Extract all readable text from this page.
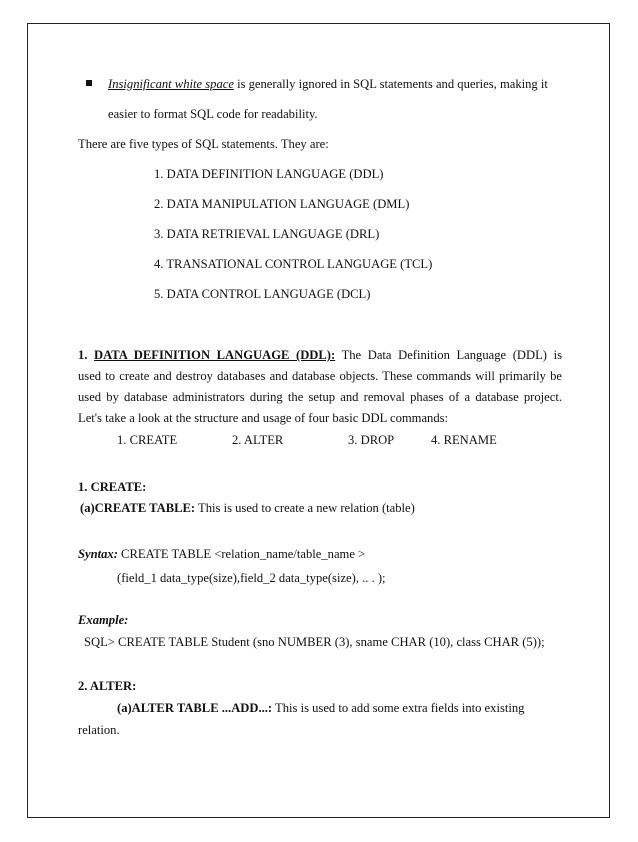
Insignificant white space is generally ignored in SQL statements and queries, making it
easier to format SQL code for readability.
There are five types of SQL statements. They are:
1. DATA DEFINITION LANGUAGE (DDL)
2. DATA MANIPULATION LANGUAGE (DML)
3. DATA RETRIEVAL LANGUAGE (DRL)
4. TRANSATIONAL CONTROL LANGUAGE (TCL)
5. DATA CONTROL LANGUAGE (DCL)
1. DATA DEFINITION LANGUAGE (DDL): The Data Definition Language (DDL) is
used to create and destroy databases and database objects. These commands will primarily be
used by database administrators during the setup and removal phases of a database project.
Let's take a look at the structure and usage of four basic DDL commands:
1. CREATE	2. ALTER	3. DROP	4. RENAME
1. CREATE:
(a)CREATE TABLE: This is used to create a new relation (table)
Syntax: CREATE TABLE <relation_name/table_name >
(field_1 data_type(size),field_2 data_type(size), .. . );
Example:
SQL> CREATE TABLE Student (sno NUMBER (3), sname CHAR (10), class CHAR (5));
2. ALTER:
(a)ALTER TABLE ...ADD...: This is used to add some extra fields into existing
relation.
